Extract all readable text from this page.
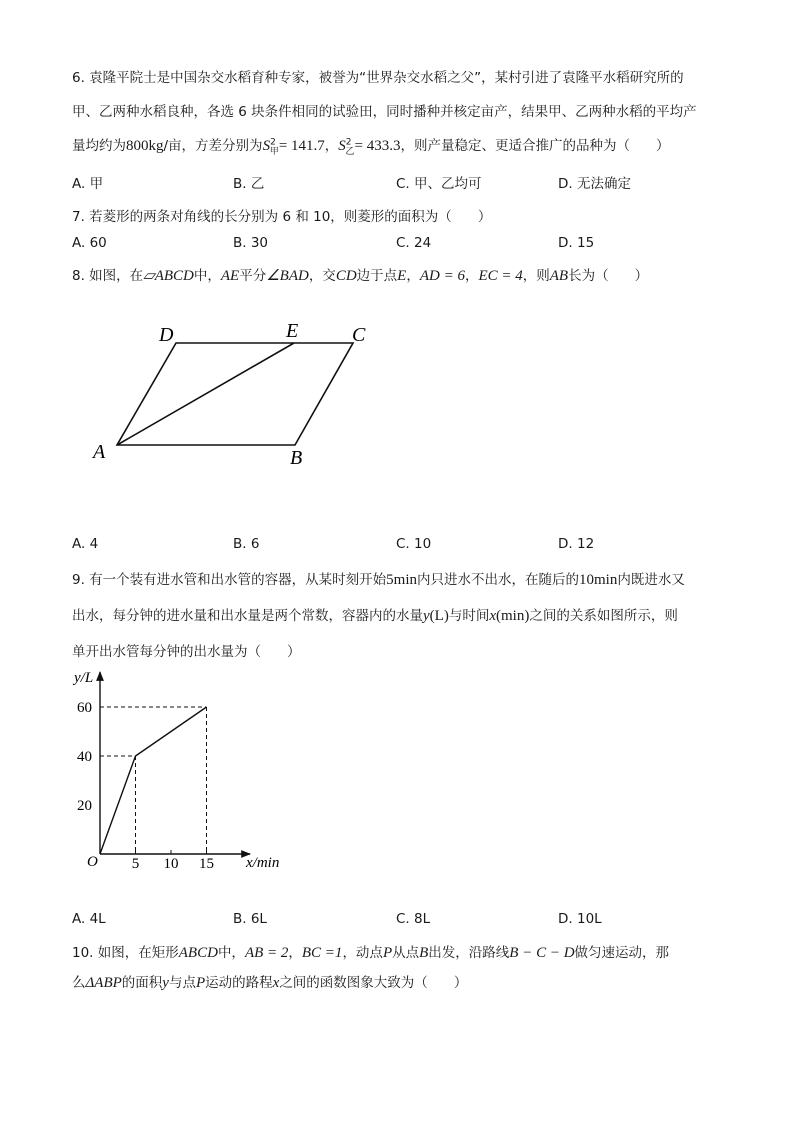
6. 袁隆平院士是中国杂交水稻育种专家，被誉为“世界杂交水稻之父”，某村引进了袁隆平水稻研究所的
甲、乙两种水稻良种，各选 6 块条件相同的试验田，同时播种并核定亩产，结果甲、乙两种水稻的平均产
量均约为800kg/亩，方差分别为$S^2_甲= 141.7$，$S^2_乙= 433.3$，则产量稳定、更适合推广的品种为（ ）
A. 甲	B. 乙	C. 甲、乙均可	D. 无法确定
7. 若菱形的两条对角线的长分别为 6 和 10，则菱形的面积为（ ）
A. 60	B. 30	C. 24	D. 15
8. 如图，在▱ABCD中，AE平分∠BAD，交CD边于点E，AD = 6，EC = 4，则AB长为（ ）
A	B
C
D	E
A. 4	B. 6	C. 10	D. 12
9. 有一个装有进水管和出水管的容器，从某时刻开始5min内只进水不出水，在随后的10min内既进水又
出水，每分钟的进水量和出水量是两个常数，容器内的水量y(L)与时间x(min)之间的关系如图所示，则
单开出水管每分钟的出水量为（ ）
y/L
x/min
O 5 10 15
20
40
60
A. 4L	B. 6L	C. 8L	D. 10L
10. 如图，在矩形ABCD中，AB = 2，BC =1，动点P从点B出发，沿路线B − C − D做匀速运动，那
么ΔABP的面积y与点P运动的路程x之间的函数图象大致为（ ）
